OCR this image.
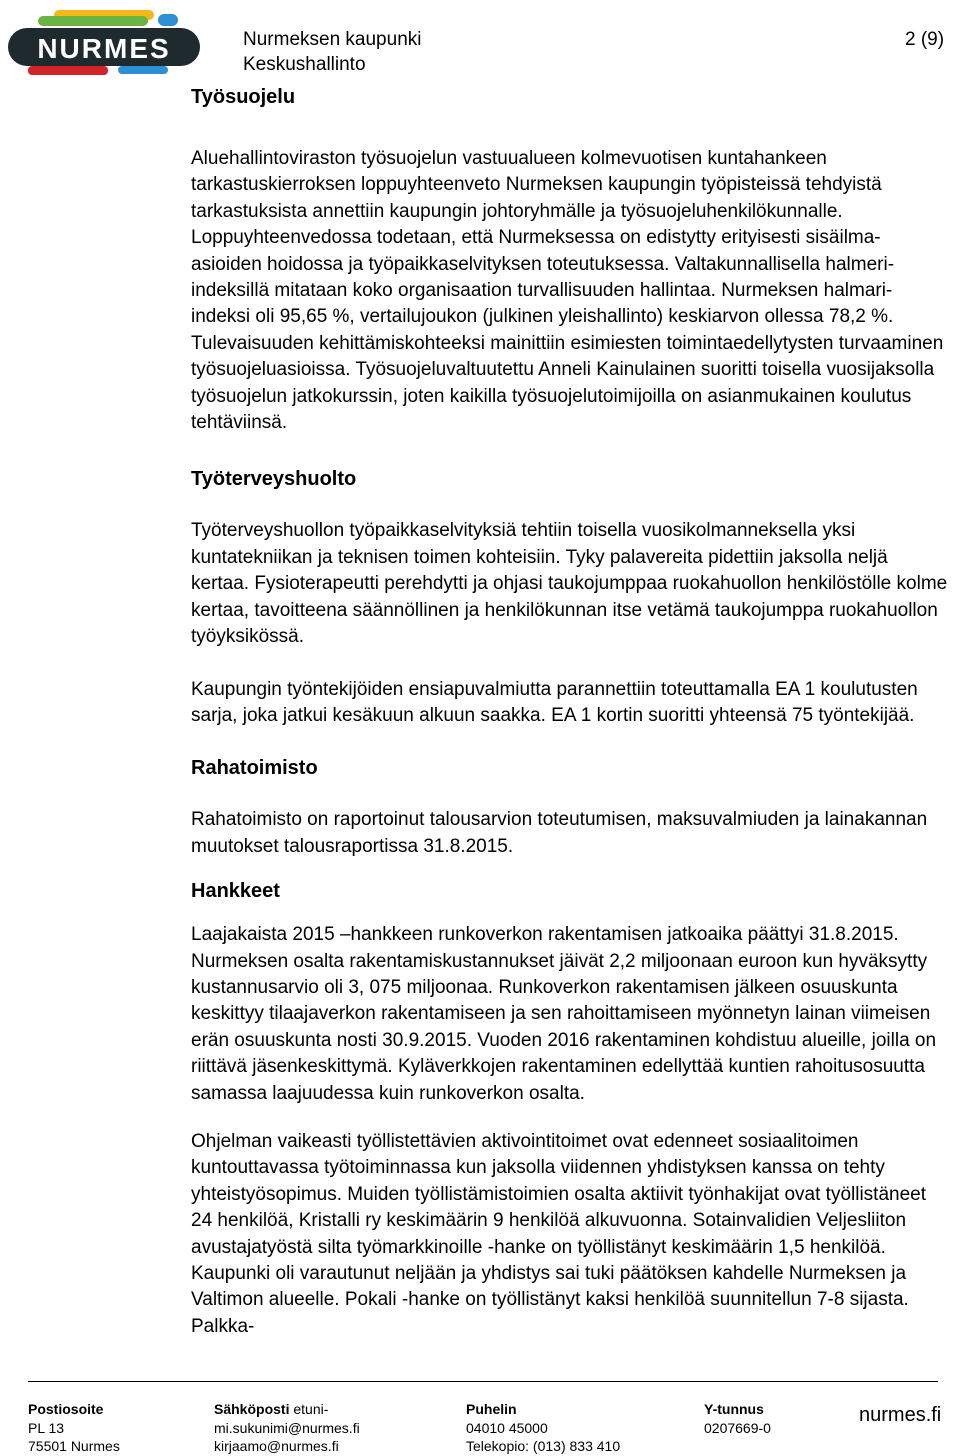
NURMES	Nurmeksen kaupunki
Keskushallinto
2 (9)
Työsuojelu

Aluehallintoviraston työsuojelun vastuualueen kolmevuotisen kuntahankeen tarkastuskierroksen loppuyhteenveto Nurmeksen kaupungin työpisteissä tehdyistä tarkastuksista annettiin kaupungin johtoryhmälle ja työsuojeluhenkilökunnalle. Loppuyhteenvedossa todetaan, että Nurmeksessa on edistytty erityisesti sisäilma-asioiden hoidossa ja työpaikkaselvityksen toteutuksessa. Valtakunnallisella halmeri-indeksillä mitataan koko organisaation turvallisuuden hallintaa. Nurmeksen halmari-indeksi oli 95,65 %, vertailujoukon (julkinen yleishallinto) keskiarvon ollessa 78,2 %. Tulevaisuuden kehittämiskohteeksi mainittiin esimiesten toimintaedellytysten turvaaminen työsuojeluasioissa. Työsuojeluvaltuutettu Anneli Kainulainen suoritti toisella vuosijaksolla työsuojelun jatkokurssin, joten kaikilla työsuojelutoimijoilla on asianmukainen koulutus tehtäviinsä.

Työterveyshuolto

Työterveyshuollon työpaikkaselvityksiä tehtiin toisella vuosikolmanneksella yksi kuntatekniikan ja teknisen toimen kohteisiin. Tyky palavereita pidettiin jaksolla neljä kertaa. Fysioterapeutti perehdytti ja ohjasi taukojumppaa ruokahuollon henkilöstölle kolme kertaa, tavoitteena säännöllinen ja henkilökunnan itse vetämä taukojumppa ruokahuollon työyksikössä.

Kaupungin työntekijöiden ensiapuvalmiutta parannettiin toteuttamalla EA 1 koulutusten sarja, joka jatkui kesäkuun alkuun saakka. EA 1 kortin suoritti yhteensä 75 työntekijää.

Rahatoimisto

Rahatoimisto on raportoinut talousarvion toteutumisen, maksuvalmiuden ja lainakannan muutokset talousraportissa 31.8.2015.

Hankkeet

Laajakaista 2015 –hankkeen runkoverkon rakentamisen jatkoaika päättyi 31.8.2015. Nurmeksen osalta rakentamiskustannukset jäivät 2,2 miljoonaan euroon kun hyväksytty kustannusarvio oli 3, 075 miljoonaa. Runkoverkon rakentamisen jälkeen osuuskunta keskittyy tilaajaverkon rakentamiseen ja sen rahoittamiseen myönnetyn lainan viimeisen erän osuuskunta nosti 30.9.2015. Vuoden 2016 rakentaminen kohdistuu alueille, joilla on riittävä jäsenkeskittymä. Kyläverkkojen rakentaminen edellyttää kuntien rahoitusosuutta samassa laajuudessa kuin runkoverkon osalta.

Ohjelman vaikeasti työllistettävien aktivointitoimet ovat edenneet sosiaalitoimen kuntouttavassa työtoiminnassa kun jaksolla viidennen yhdistyksen kanssa on tehty yhteistyösopimus. Muiden työllistämistoimien osalta aktiivit työnhakijat ovat työllistäneet 24 henkilöä, Kristalli ry keskimäärin 9 henkilöä alkuvuonna. Sotainvalidien Veljesliiton avustajatyöstä silta työmarkkinoille -hanke on työllistänyt keskimäärin 1,5 henkilöä. Kaupunki oli varautunut neljään ja yhdistys sai tuki päätöksen kahdelle Nurmeksen ja Valtimon alueelle. Pokali -hanke on työllistänyt kaksi henkilöä suunnitellun 7-8 sijasta. Palkka-

Postiosoite
PL 13
75501 Nurmes
Sähköposti etuni-
mi.sukunimi@nurmes.fi
kirjaamo@nurmes.fi
Puhelin
04010 45000
Telekopio: (013) 833 410
Y-tunnus
0207669-0
nurmes.fi
